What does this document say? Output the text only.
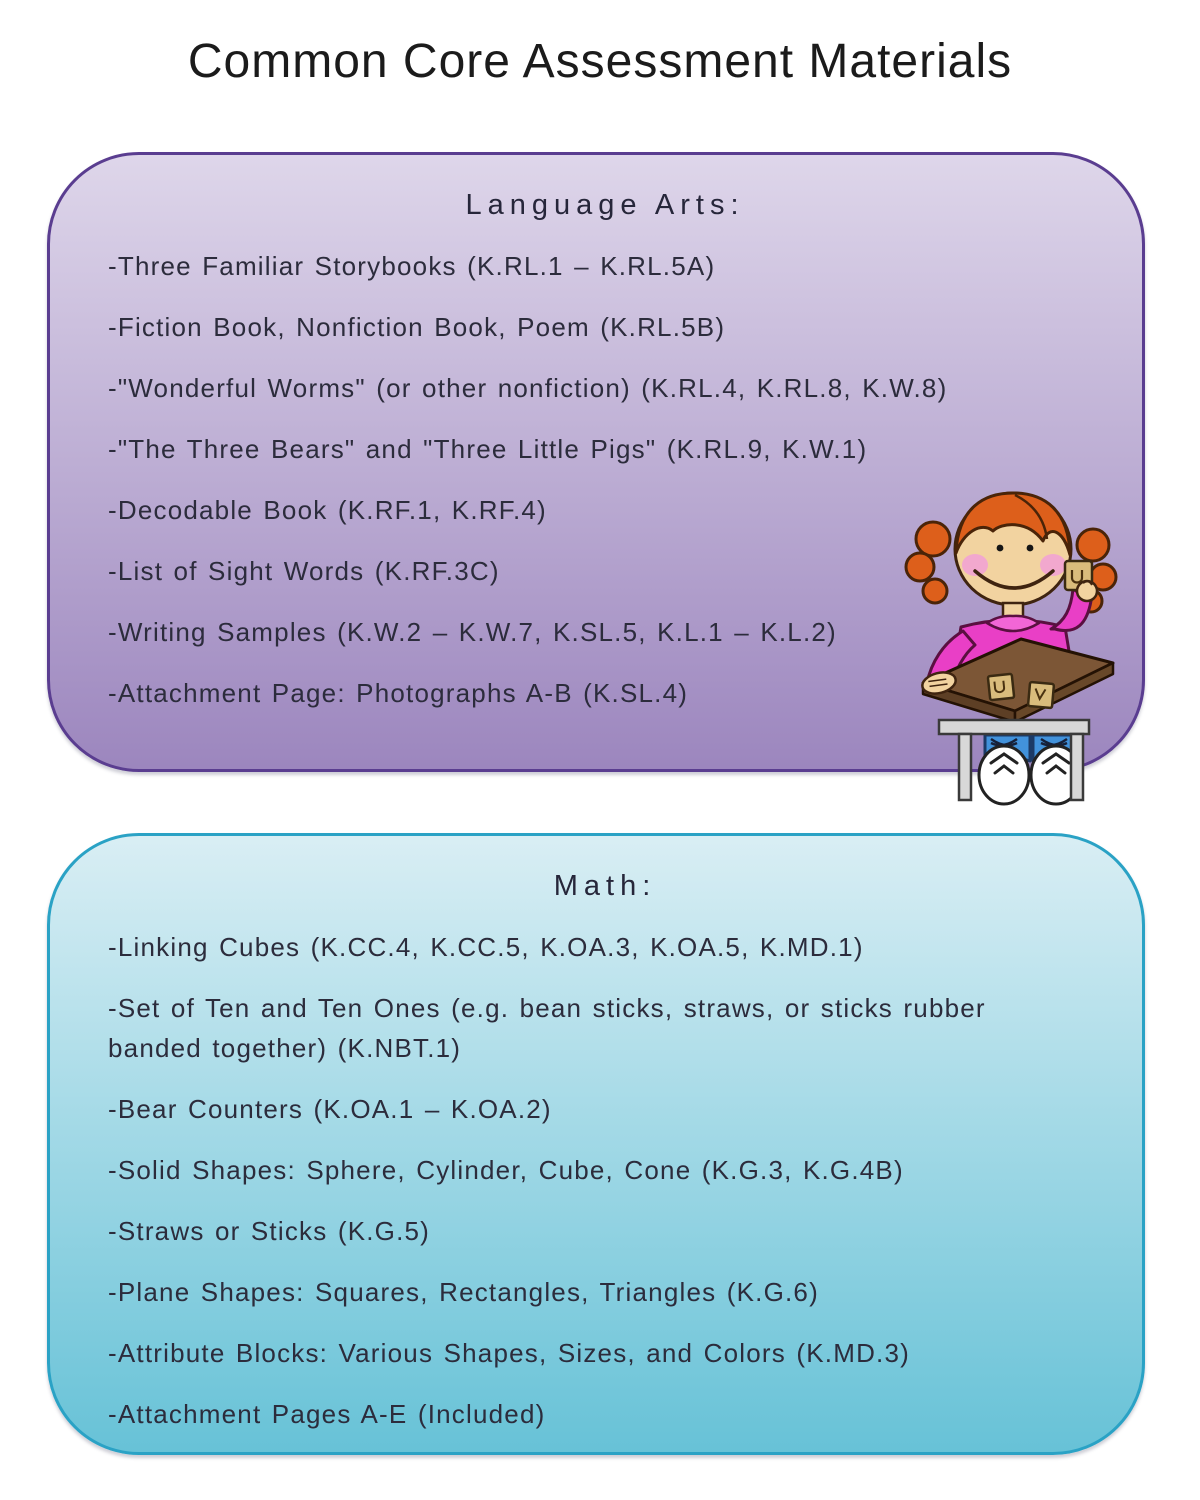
Common Core Assessment Materials
Language Arts:
-Three Familiar Storybooks (K.RL.1 – K.RL.5A)
-Fiction Book, Nonfiction Book, Poem (K.RL.5B)
-"Wonderful Worms" (or other nonfiction) (K.RL.4, K.RL.8, K.W.8)
-"The Three Bears" and "Three Little Pigs" (K.RL.9, K.W.1)
-Decodable Book (K.RF.1, K.RF.4)
-List of Sight Words (K.RF.3C)
-Writing Samples (K.W.2 – K.W.7, K.SL.5, K.L.1 – K.L.2)
-Attachment Page: Photographs A-B (K.SL.4)
Math:
-Linking Cubes (K.CC.4, K.CC.5, K.OA.3, K.OA.5, K.MD.1)
-Set of Ten and Ten Ones (e.g. bean sticks, straws, or sticks rubber banded together) (K.NBT.1)
-Bear Counters (K.OA.1 – K.OA.2)
-Solid Shapes: Sphere, Cylinder, Cube, Cone (K.G.3, K.G.4B)
-Straws or Sticks (K.G.5)
-Plane Shapes: Squares, Rectangles, Triangles (K.G.6)
-Attribute Blocks: Various Shapes, Sizes, and Colors (K.MD.3)
-Attachment Pages A-E (Included)
